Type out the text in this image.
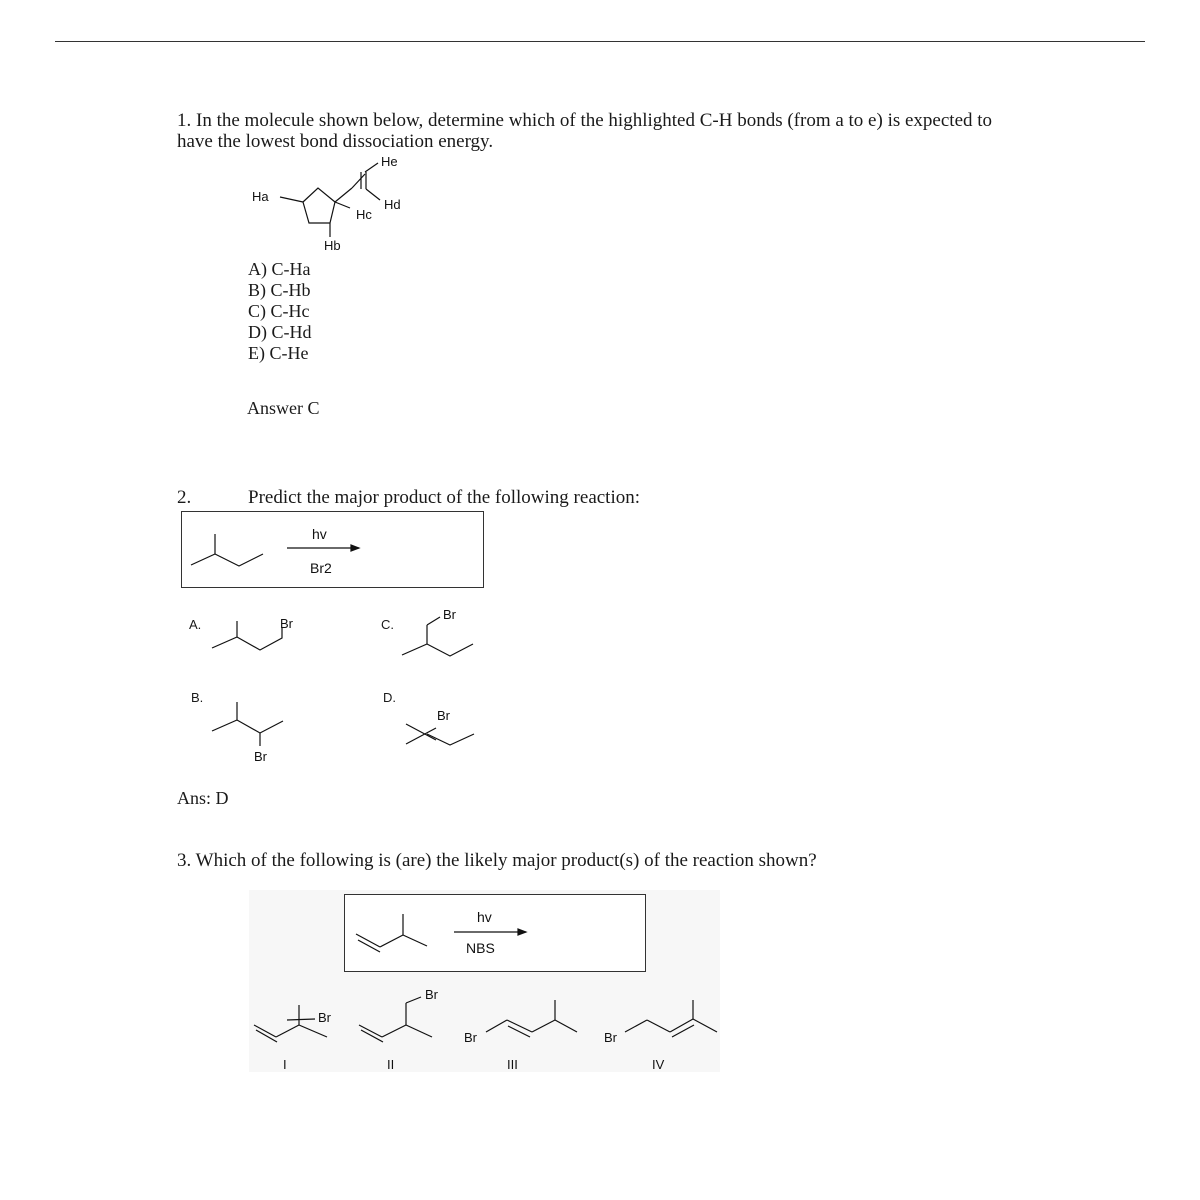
1. In the molecule shown below, determine which of the highlighted C-H bonds (from a to e) is expected to have the lowest bond dissociation energy.
Ha
Hb
Hc
Hd
He
A) C-Ha
B) C-Hb
C) C-Hc
D) C-Hd
E) C-He
Answer C
2.	Predict the major product of the following reaction:
hv
Br2
A.	Br	C.
Br
B.
Br
D.
Br
Ans: D
3. Which of the following is (are) the likely major product(s) of the reaction shown?
hv
NBS
Br
I
Br
II
Br
III
Br
IV
